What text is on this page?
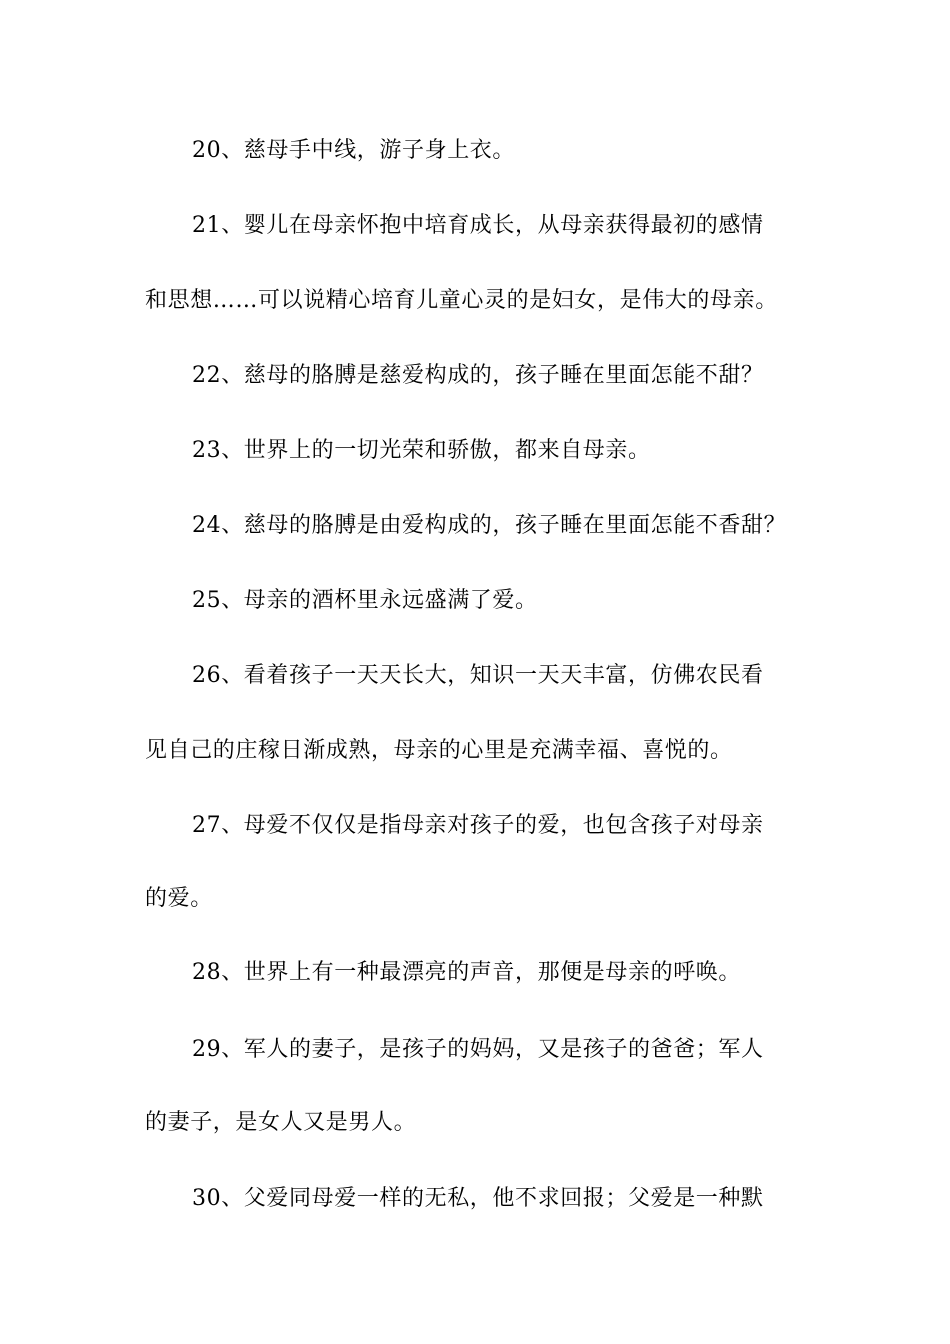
20、慈母手中线，游子身上衣。
21、婴儿在母亲怀抱中培育成长，从母亲获得最初的感情
和思想……可以说精心培育儿童心灵的是妇女，是伟大的母亲。
22、慈母的胳膊是慈爱构成的，孩子睡在里面怎能不甜？
23、世界上的一切光荣和骄傲，都来自母亲。
24、慈母的胳膊是由爱构成的，孩子睡在里面怎能不香甜？
25、母亲的酒杯里永远盛满了爱。
26、看着孩子一天天长大，知识一天天丰富，仿佛农民看
见自己的庄稼日渐成熟，母亲的心里是充满幸福、喜悦的。
27、母爱不仅仅是指母亲对孩子的爱，也包含孩子对母亲
的爱。
28、世界上有一种最漂亮的声音，那便是母亲的呼唤。
29、军人的妻子，是孩子的妈妈，又是孩子的爸爸；军人
的妻子，是女人又是男人。
30、父爱同母爱一样的无私，他不求回报；父爱是一种默
